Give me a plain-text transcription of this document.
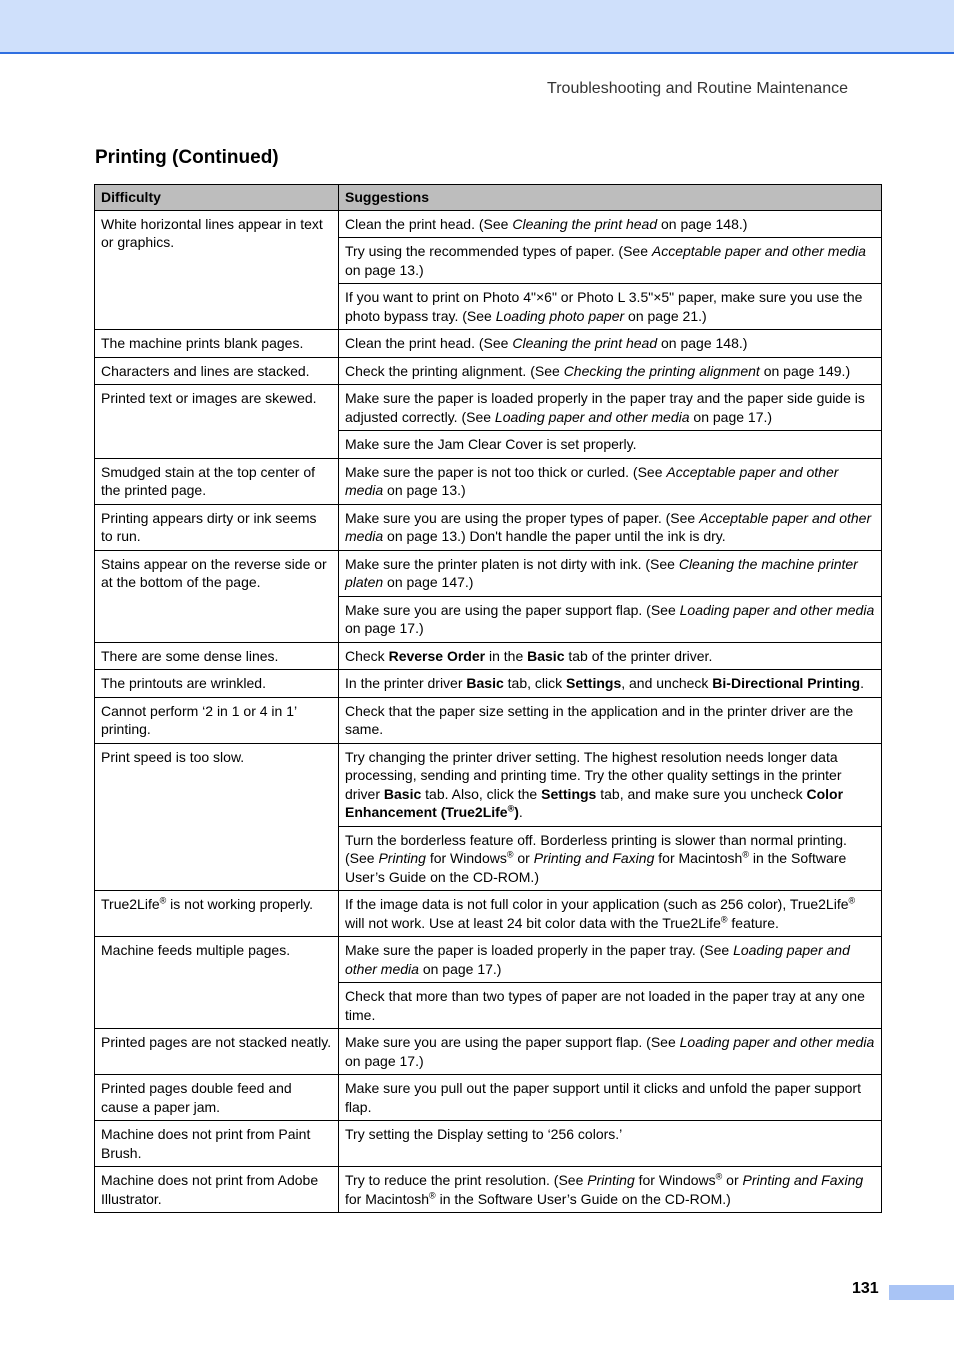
Troubleshooting and Routine Maintenance
Printing (Continued)
Difficulty	Suggestions
White horizontal lines appear in text or graphics.	Clean the print head. (See Cleaning the print head on page 148.)
	Try using the recommended types of paper. (See Acceptable paper and other media on page 13.)
	If you want to print on Photo 4"×6" or Photo L 3.5"×5" paper, make sure you use the photo bypass tray. (See Loading photo paper on page 21.)
The machine prints blank pages.	Clean the print head. (See Cleaning the print head on page 148.)
Characters and lines are stacked.	Check the printing alignment. (See Checking the printing alignment on page 149.)
Printed text or images are skewed.	Make sure the paper is loaded properly in the paper tray and the paper side guide is adjusted correctly. (See Loading paper and other media on page 17.)
	Make sure the Jam Clear Cover is set properly.
Smudged stain at the top center of the printed page.	Make sure the paper is not too thick or curled. (See Acceptable paper and other media on page 13.)
Printing appears dirty or ink seems to run.	Make sure you are using the proper types of paper. (See Acceptable paper and other media on page 13.) Don't handle the paper until the ink is dry.
Stains appear on the reverse side or at the bottom of the page.	Make sure the printer platen is not dirty with ink. (See Cleaning the machine printer platen on page 147.)
	Make sure you are using the paper support flap. (See Loading paper and other media on page 17.)
There are some dense lines.	Check Reverse Order in the Basic tab of the printer driver.
The printouts are wrinkled.	In the printer driver Basic tab, click Settings, and uncheck Bi-Directional Printing.
Cannot perform ‘2 in 1 or 4 in 1’ printing.	Check that the paper size setting in the application and in the printer driver are the same.
Print speed is too slow.	Try changing the printer driver setting. The highest resolution needs longer data processing, sending and printing time. Try the other quality settings in the printer driver Basic tab. Also, click the Settings tab, and make sure you uncheck Color Enhancement (True2Life®).
	Turn the borderless feature off. Borderless printing is slower than normal printing. (See Printing for Windows® or Printing and Faxing for Macintosh® in the Software User’s Guide on the CD-ROM.)
True2Life® is not working properly.	If the image data is not full color in your application (such as 256 color), True2Life® will not work. Use at least 24 bit color data with the True2Life® feature.
Machine feeds multiple pages.	Make sure the paper is loaded properly in the paper tray. (See Loading paper and other media on page 17.)
	Check that more than two types of paper are not loaded in the paper tray at any one time.
Printed pages are not stacked neatly.	Make sure you are using the paper support flap. (See Loading paper and other media on page 17.)
Printed pages double feed and cause a paper jam.	Make sure you pull out the paper support until it clicks and unfold the paper support flap.
Machine does not print from Paint Brush.	Try setting the Display setting to ‘256 colors.’
Machine does not print from Adobe Illustrator.	Try to reduce the print resolution. (See Printing for Windows® or Printing and Faxing for Macintosh® in the Software User’s Guide on the CD-ROM.)
131
